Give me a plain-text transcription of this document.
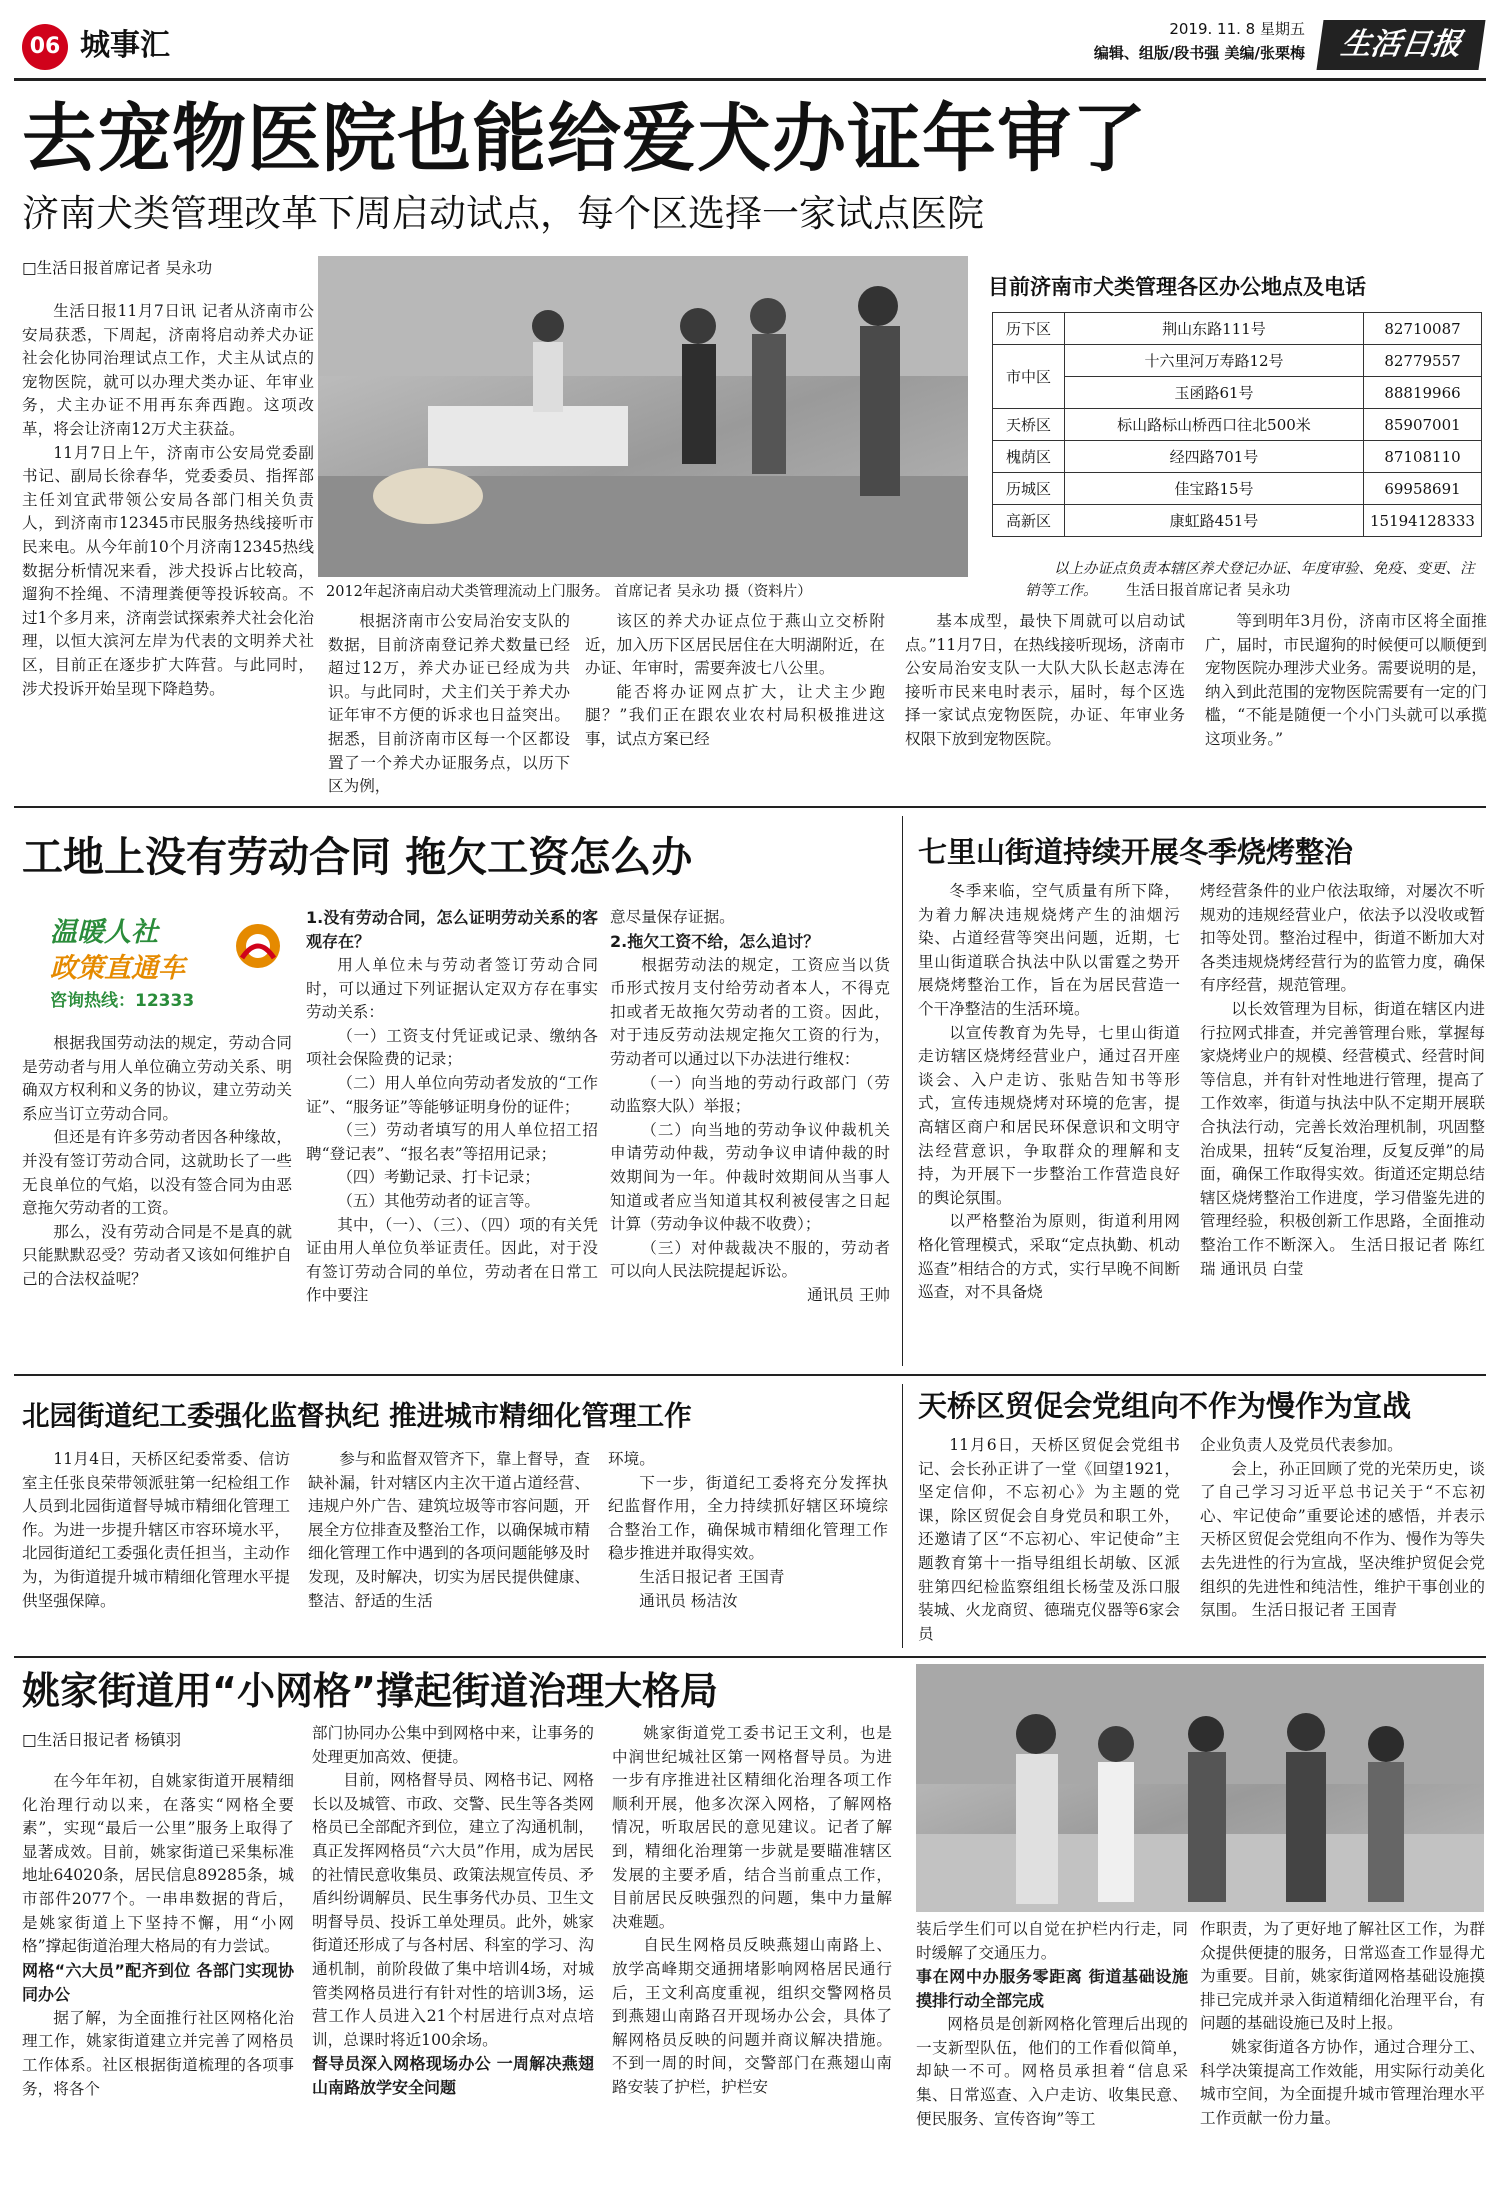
06 城事汇	2019. 11. 8 星期五
编辑、组版/段书强 美编/张栗梅	生活日报
去宠物医院也能给爱犬办证年审了
济南犬类管理改革下周启动试点，每个区选择一家试点医院
□生活日报首席记者 吴永功

生活日报11月7日讯 记者从济南市公安局获悉，下周起，济南将启动养犬办证社会化协同治理试点工作，犬主从试点的宠物医院，就可以办理犬类办证、年审业务，犬主办证不用再东奔西跑。这项改革，将会让济南12万犬主获益。

11月7日上午，济南市公安局党委副书记、副局长徐春华，党委委员、指挥部主任刘宜武带领公安局各部门相关负责人，到济南市12345市民服务热线接听市民来电。从今年前10个月济南12345热线数据分析情况来看，涉犬投诉占比较高，遛狗不拴绳、不清理粪便等投诉较高。不过1个多月来，济南尝试探索养犬社会化治理，以恒大滨河左岸为代表的文明养犬社区，目前正在逐步扩大阵营。与此同时，涉犬投诉开始呈现下降趋势。

2012年起济南启动犬类管理流动上门服务。 首席记者 吴永功 摄（资料片）

根据济南市公安局治安支队的数据，目前济南登记养犬数量已经超过12万，养犬办证已经成为共识。与此同时，犬主们关于养犬办证年审不方便的诉求也日益突出。据悉，目前济南市区每一个区都设置了一个养犬办证服务点，以历下区为例，

该区的养犬办证点位于燕山立交桥附近，加入历下区居民居住在大明湖附近，在办证、年审时，需要奔波七八公里。

能否将办证网点扩大，让犬主少跑腿？”我们正在跟农业农村局积极推进这事，试点方案已经

基本成型，最快下周就可以启动试点。”11月7日，在热线接听现场，济南市公安局治安支队一大队大队长赵志涛在接听市民来电时表示，届时，每个区选择一家试点宠物医院，办证、年审业务权限下放到宠物医院。

等到明年3月份，济南市区将全面推广，届时，市民遛狗的时候便可以顺便到宠物医院办理涉犬业务。需要说明的是，纳入到此范围的宠物医院需要有一定的门槛，“不能是随便一个小门头就可以承揽这项业务。”

目前济南市犬类管理各区办公地点及电话
历下区	荆山东路111号	82710087
市中区	十六里河万寿路12号	82779557
	玉函路61号	88819966
天桥区	标山路标山桥西口往北500米	85907001
槐荫区	经四路701号	87108110
历城区	佳宝路15号	69958691
高新区	康虹路451号	15194128333
以上办证点负责本辖区养犬登记办证、年度审验、免疫、变更、注销等工作。 生活日报首席记者 吴永功
工地上没有劳动合同 拖欠工资怎么办
温暖人社
政策直通车
咨询热线：12333

根据我国劳动法的规定，劳动合同是劳动者与用人单位确立劳动关系、明确双方权利和义务的协议，建立劳动关系应当订立劳动合同。

但还是有许多劳动者因各种缘故，并没有签订劳动合同，这就助长了一些无良单位的气焰，以没有签合同为由恶意拖欠劳动者的工资。

那么，没有劳动合同是不是真的就只能默默忍受？劳动者又该如何维护自己的合法权益呢？

1.没有劳动合同，怎么证明劳动关系的客观存在？

用人单位未与劳动者签订劳动合同时，可以通过下列证据认定双方存在事实劳动关系：

（一）工资支付凭证或记录、缴纳各项社会保险费的记录；

（二）用人单位向劳动者发放的“工作证”、“服务证”等能够证明身份的证件；

（三）劳动者填写的用人单位招工招聘“登记表”、“报名表”等招用记录；

（四）考勤记录、打卡记录；

（五）其他劳动者的证言等。

其中，（一）、（三）、（四）项的有关凭证由用人单位负举证责任。因此，对于没有签订劳动合同的单位，劳动者在日常工作中要注

意尽量保存证据。

2.拖欠工资不给，怎么追讨？

根据劳动法的规定，工资应当以货币形式按月支付给劳动者本人，不得克扣或者无故拖欠劳动者的工资。因此，对于违反劳动法规定拖欠工资的行为，劳动者可以通过以下办法进行维权：

（一）向当地的劳动行政部门（劳动监察大队）举报；

（二）向当地的劳动争议仲裁机关申请劳动仲裁，劳动争议申请仲裁的时效期间为一年。仲裁时效期间从当事人知道或者应当知道其权利被侵害之日起计算（劳动争议仲裁不收费）；

（三）对仲裁裁决不服的，劳动者可以向人民法院提起诉讼。

通讯员 王帅

七里山街道持续开展冬季烧烤整治

冬季来临，空气质量有所下降，为着力解决违规烧烤产生的油烟污染、占道经营等突出问题，近期，七里山街道联合执法中队以雷霆之势开展烧烤整治工作，旨在为居民营造一个干净整洁的生活环境。

以宣传教育为先导，七里山街道走访辖区烧烤经营业户，通过召开座谈会、入户走访、张贴告知书等形式，宣传违规烧烤对环境的危害，提高辖区商户和居民环保意识和文明守法经营意识，争取群众的理解和支持，为开展下一步整治工作营造良好的舆论氛围。

以严格整治为原则，街道利用网格化管理模式，采取“定点执勤、机动巡查”相结合的方式，实行早晚不间断巡查，对不具备烧

烤经营条件的业户依法取缔，对屡次不听规劝的违规经营业户，依法予以没收或暂扣等处罚。整治过程中，街道不断加大对各类违规烧烤经营行为的监管力度，确保有序经营，规范管理。

以长效管理为目标，街道在辖区内进行拉网式排查，并完善管理台账，掌握每家烧烤业户的规模、经营模式、经营时间等信息，并有针对性地进行管理，提高了工作效率，街道与执法中队不定期开展联合执法行动，完善长效治理机制，巩固整治成果，扭转“反复治理，反复反弹”的局面，确保工作取得实效。街道还定期总结辖区烧烤整治工作进度，学习借鉴先进的管理经验，积极创新工作思路，全面推动整治工作不断深入。 生活日报记者 陈红瑞 通讯员 白莹

北园街道纪工委强化监督执纪 推进城市精细化管理工作

11月4日，天桥区纪委常委、信访室主任张良荣带领派驻第一纪检组工作人员到北园街道督导城市精细化管理工作。为进一步提升辖区市容环境水平，北园街道纪工委强化责任担当，主动作为，为街道提升城市精细化管理水平提供坚强保障。

参与和监督双管齐下，靠上督导，查缺补漏，针对辖区内主次干道占道经营、违规户外广告、建筑垃圾等市容问题，开展全方位排查及整治工作，以确保城市精细化管理工作中遇到的各项问题能够及时发现，及时解决，切实为居民提供健康、整洁、舒适的生活

环境。

下一步，街道纪工委将充分发挥执纪监督作用，全力持续抓好辖区环境综合整治工作，确保城市精细化管理工作稳步推进并取得实效。

生活日报记者 王国青

通讯员 杨洁汝

天桥区贸促会党组向不作为慢作为宣战

11月6日，天桥区贸促会党组书记、会长孙正讲了一堂《回望1921，坚定信仰，不忘初心》为主题的党课，除区贸促会自身党员和职工外，还邀请了区“不忘初心、牢记使命”主题教育第十一指导组组长胡敏、区派驻第四纪检监察组组长杨莹及泺口服装城、火龙商贸、德瑞克仪器等6家会员

企业负责人及党员代表参加。

会上，孙正回顾了党的光荣历史，谈了自己学习习近平总书记关于“不忘初心、牢记使命”重要论述的感悟，并表示天桥区贸促会党组向不作为、慢作为等失去先进性的行为宣战，坚决维护贸促会党组织的先进性和纯洁性，维护干事创业的氛围。 生活日报记者 王国青

姚家街道用“小网格”撑起街道治理大格局
□生活日报记者 杨镇羽

在今年年初，自姚家街道开展精细化治理行动以来，在落实“网格全要素”，实现“最后一公里”服务上取得了显著成效。目前，姚家街道已采集标准地址64020条，居民信息89285条，城市部件2077个。一串串数据的背后，是姚家街道上下坚持不懈，用“小网格”撑起街道治理大格局的有力尝试。

网格“六大员”配齐到位 各部门实现协同办公

据了解，为全面推行社区网格化治理工作，姚家街道建立并完善了网格员工作体系。社区根据街道梳理的各项事务，将各个

部门协同办公集中到网格中来，让事务的处理更加高效、便捷。

目前，网格督导员、网格书记、网格长以及城管、市政、交警、民生等各类网格员已全部配齐到位，建立了沟通机制，真正发挥网格员“六大员”作用，成为居民的社情民意收集员、政策法规宣传员、矛盾纠纷调解员、民生事务代办员、卫生文明督导员、投诉工单处理员。此外，姚家街道还形成了与各村居、科室的学习、沟通机制，前阶段做了集中培训4场，对城管类网格员进行有针对性的培训3场，运营工作人员进入21个村居进行点对点培训，总课时将近100余场。

督导员深入网格现场办公 一周解决燕翅山南路放学安全问题

姚家街道党工委书记王文利，也是中润世纪城社区第一网格督导员。为进一步有序推进社区精细化治理各项工作顺利开展，他多次深入网格，了解网格情况，听取居民的意见建议。记者了解到，精细化治理第一步就是要瞄准辖区发展的主要矛盾，结合当前重点工作，目前居民反映强烈的问题，集中力量解决难题。

自民生网格员反映燕翅山南路上、放学高峰期交通拥堵影响网格居民通行后，王文利高度重视，组织交警网格员到燕翅山南路召开现场办公会，具体了解网格员反映的问题并商议解决措施。不到一周的时间，交警部门在燕翅山南路安装了护栏，护栏安

装后学生们可以自觉在护栏内行走，同时缓解了交通压力。

事在网中办服务零距离 街道基础设施摸排行动全部完成

网格员是创新网格化管理后出现的一支新型队伍，他们的工作看似简单，却缺一不可。网格员承担着“信息采集、日常巡查、入户走访、收集民意、便民服务、宣传咨询”等工

作职责，为了更好地了解社区工作，为群众提供便捷的服务，日常巡查工作显得尤为重要。目前，姚家街道网格基础设施摸排已完成并录入街道精细化治理平台，有问题的基础设施已及时上报。

姚家街道各方协作，通过合理分工、科学决策提高工作效能，用实际行动美化城市空间，为全面提升城市管理治理水平工作贡献一份力量。
